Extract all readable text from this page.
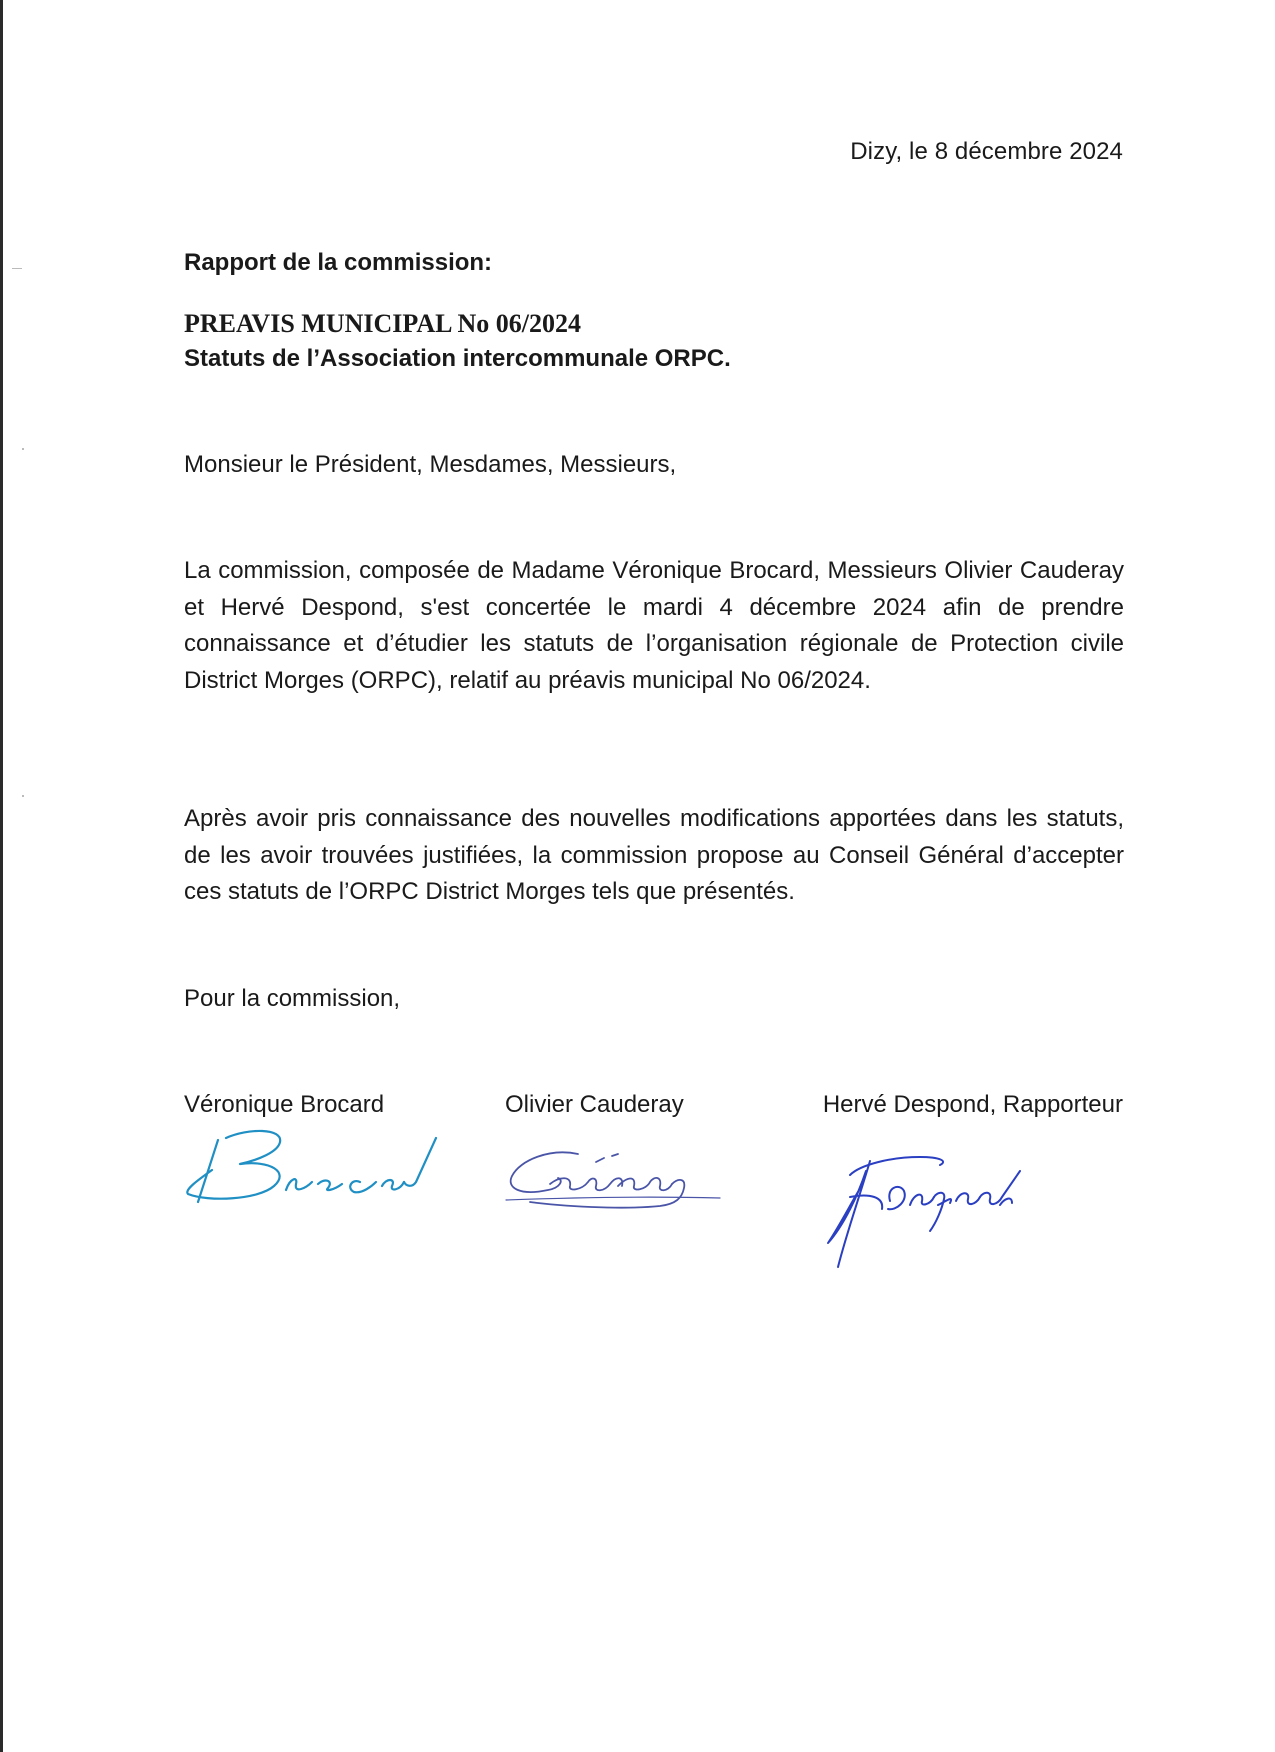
Dizy, le 8 décembre 2024
Rapport de la commission:
PREAVIS MUNICIPAL No 06/2024
Statuts de l’Association intercommunale ORPC.
Monsieur le Président, Mesdames, Messieurs,

La commission, composée de Madame Véronique Brocard, Messieurs Olivier Cauderay et Hervé Despond, s'est concertée le mardi 4 décembre 2024 afin de prendre connaissance et d’étudier les statuts de l’organisation régionale de Protection civile District Morges (ORPC), relatif au préavis municipal No 06/2024.

Après avoir pris connaissance des nouvelles modifications apportées dans les statuts, de les avoir trouvées justifiées, la commission propose au Conseil Général d’accepter ces statuts de l’ORPC District Morges tels que présentés.

Pour la commission,
Véronique Brocard	Olivier Cauderay	Hervé Despond, Rapporteur
